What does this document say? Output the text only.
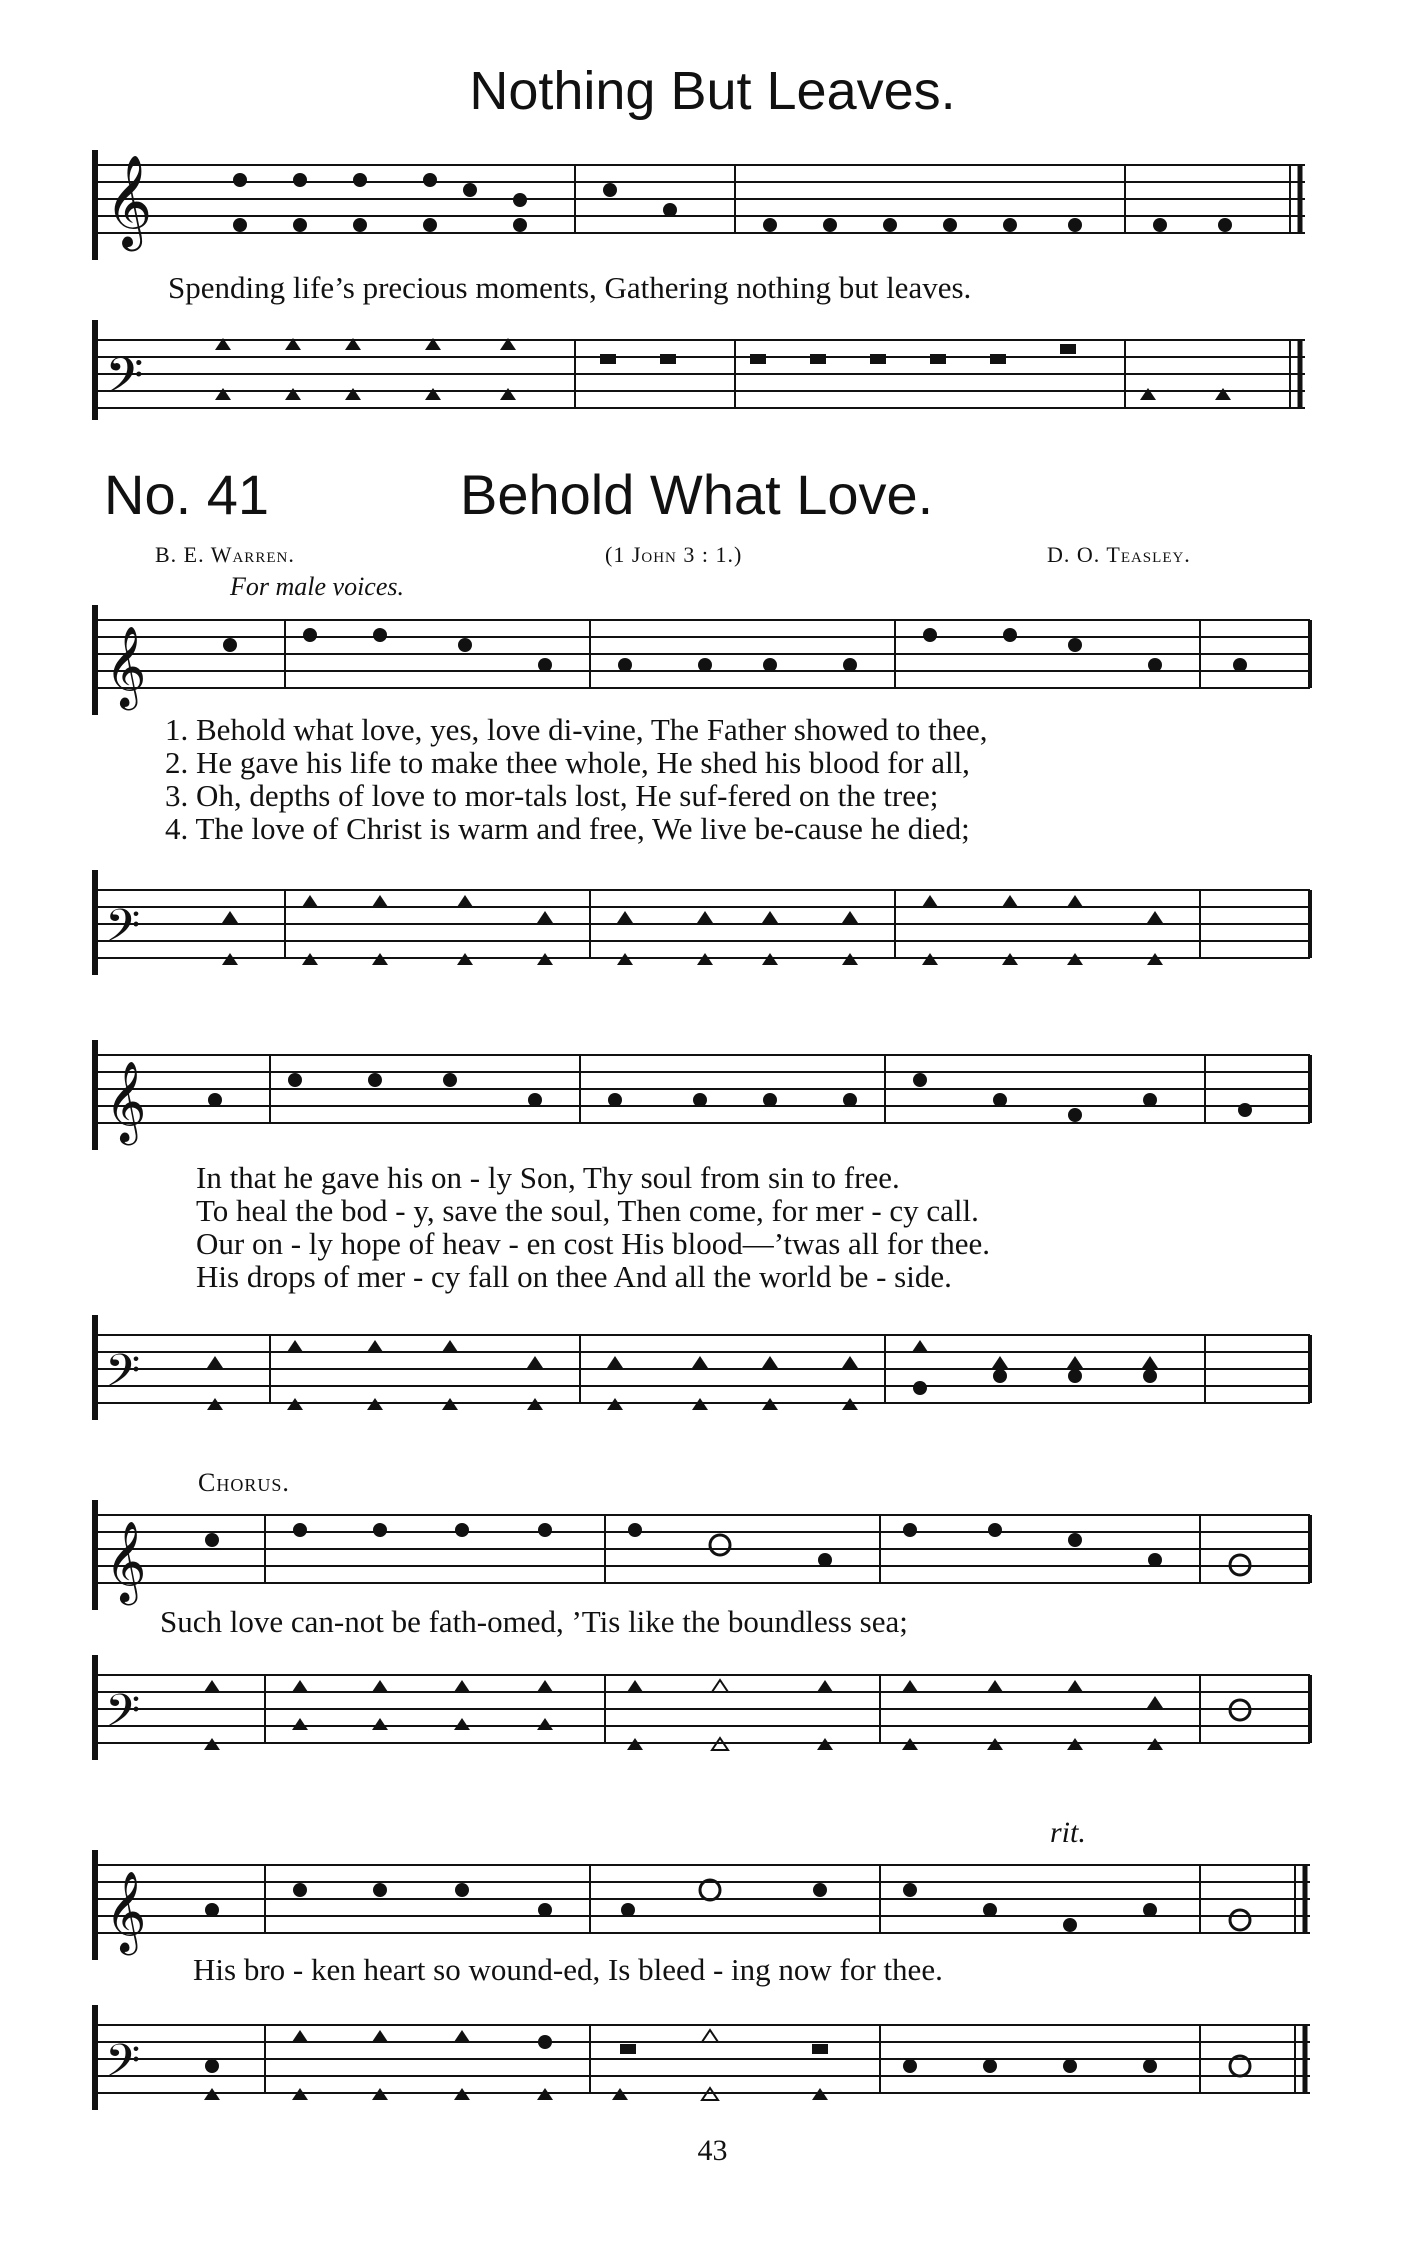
Nothing But Leaves.
𝄞
Spending life’s precious moments, Gathering nothing but leaves.
𝄢
No. 41	Behold What Love.
B. E. Warren.	(1 John 3 : 1.)	D. O. Teasley.
For male voices.
𝄞
1. Behold what love, yes, love di-vine, The Father showed to thee,
2. He gave his life to make thee whole, He shed his blood for all,
3. Oh, depths of love to mor-tals lost, He suf-fered on the tree;
4. The love of Christ is warm and free, We live be-cause he died;
𝄢
𝄞
In that he gave his on - ly Son, Thy soul from sin to free.
To heal the bod - y, save the soul, Then come, for mer - cy call.
Our on - ly hope of heav - en cost His blood—’twas all for thee.
His drops of mer - cy fall on thee And all the world be - side.
𝄢
Chorus.
𝄞
Such love can-not be fath-omed, ’Tis like the boundless sea;
𝄢
rit.
𝄞
His bro - ken heart so wound-ed, Is bleed - ing now for thee.
𝄢
43
